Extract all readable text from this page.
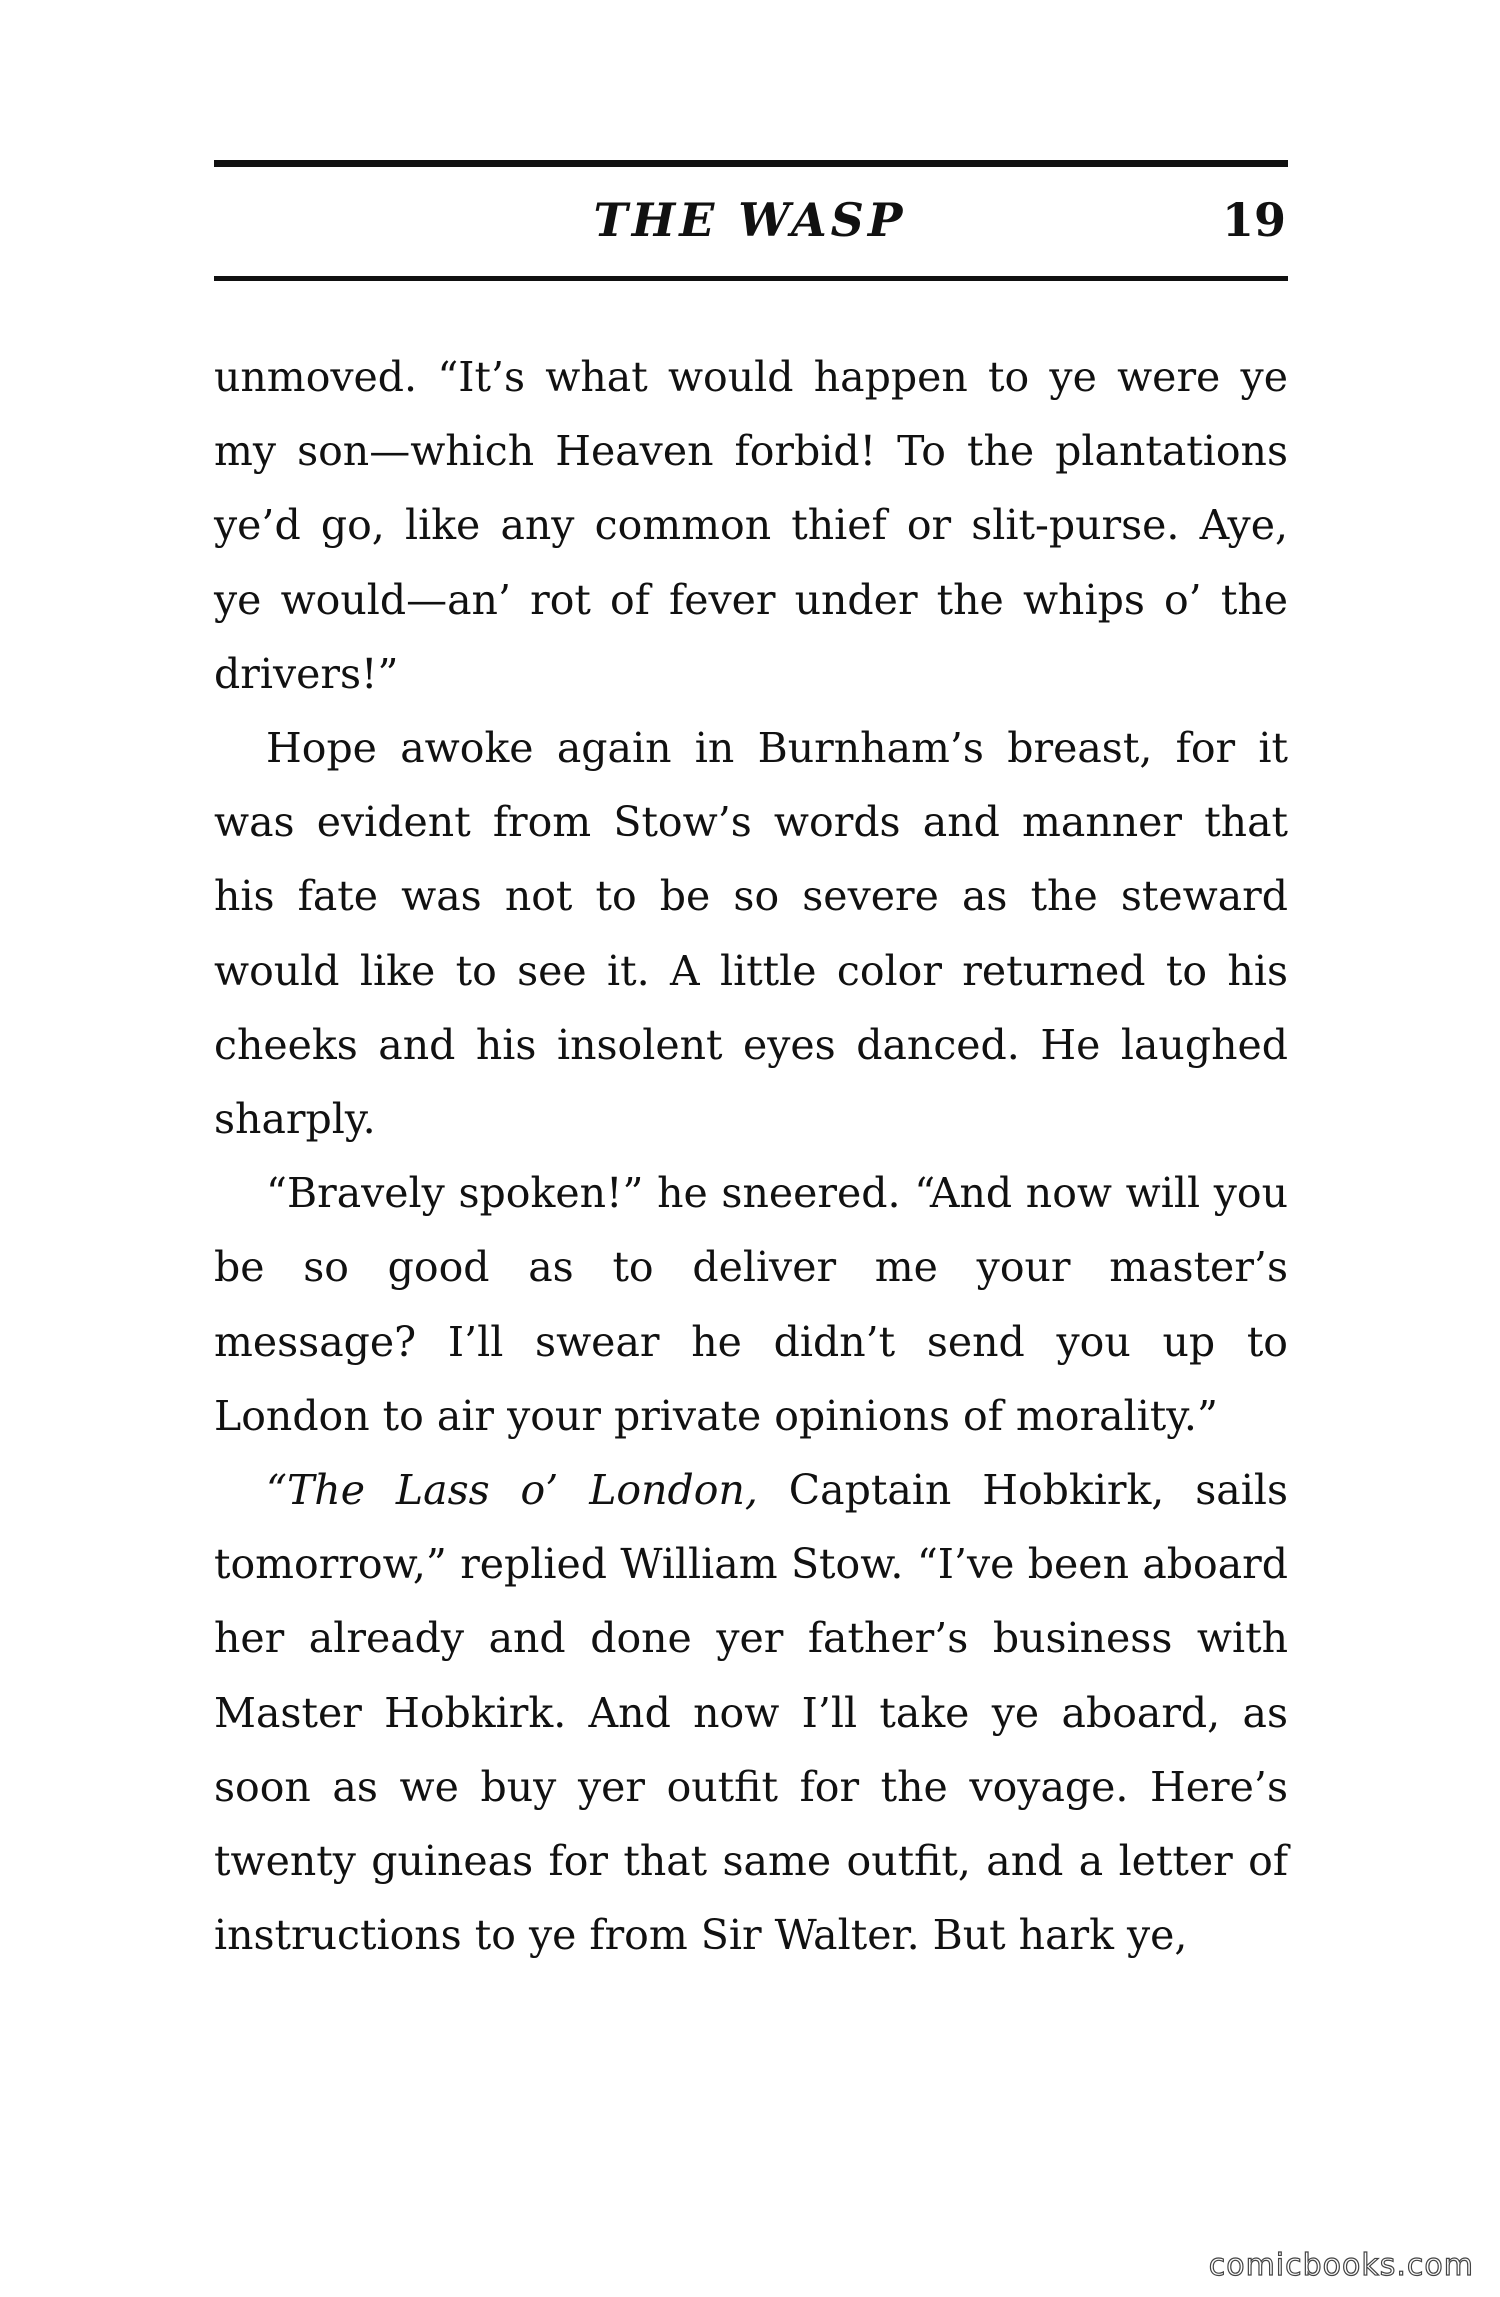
THE WASP	19

unmoved. “It’s what would happen to ye were ye my son—which Heaven forbid! To the plantations ye’d go, like any common thief or slit-purse. Aye, ye would—an’ rot of fever under the whips o’ the drivers!”

Hope awoke again in Burnham’s breast, for it was evident from Stow’s words and manner that his fate was not to be so severe as the steward would like to see it. A little color returned to his cheeks and his insolent eyes danced. He laughed sharply.

“Bravely spoken!” he sneered. “And now will you be so good as to deliver me your master’s message? I’ll swear he didn’t send you up to London to air your private opinions of morality.”

“The Lass o’ London, Captain Hobkirk, sails tomorrow,” replied William Stow. “I’ve been aboard her already and done yer father’s business with Master Hobkirk. And now I’ll take ye aboard, as soon as we buy yer outfit for the voyage. Here’s twenty guineas for that same outfit, and a letter of instructions to ye from Sir Walter. But hark ye,

comicbooks.com
